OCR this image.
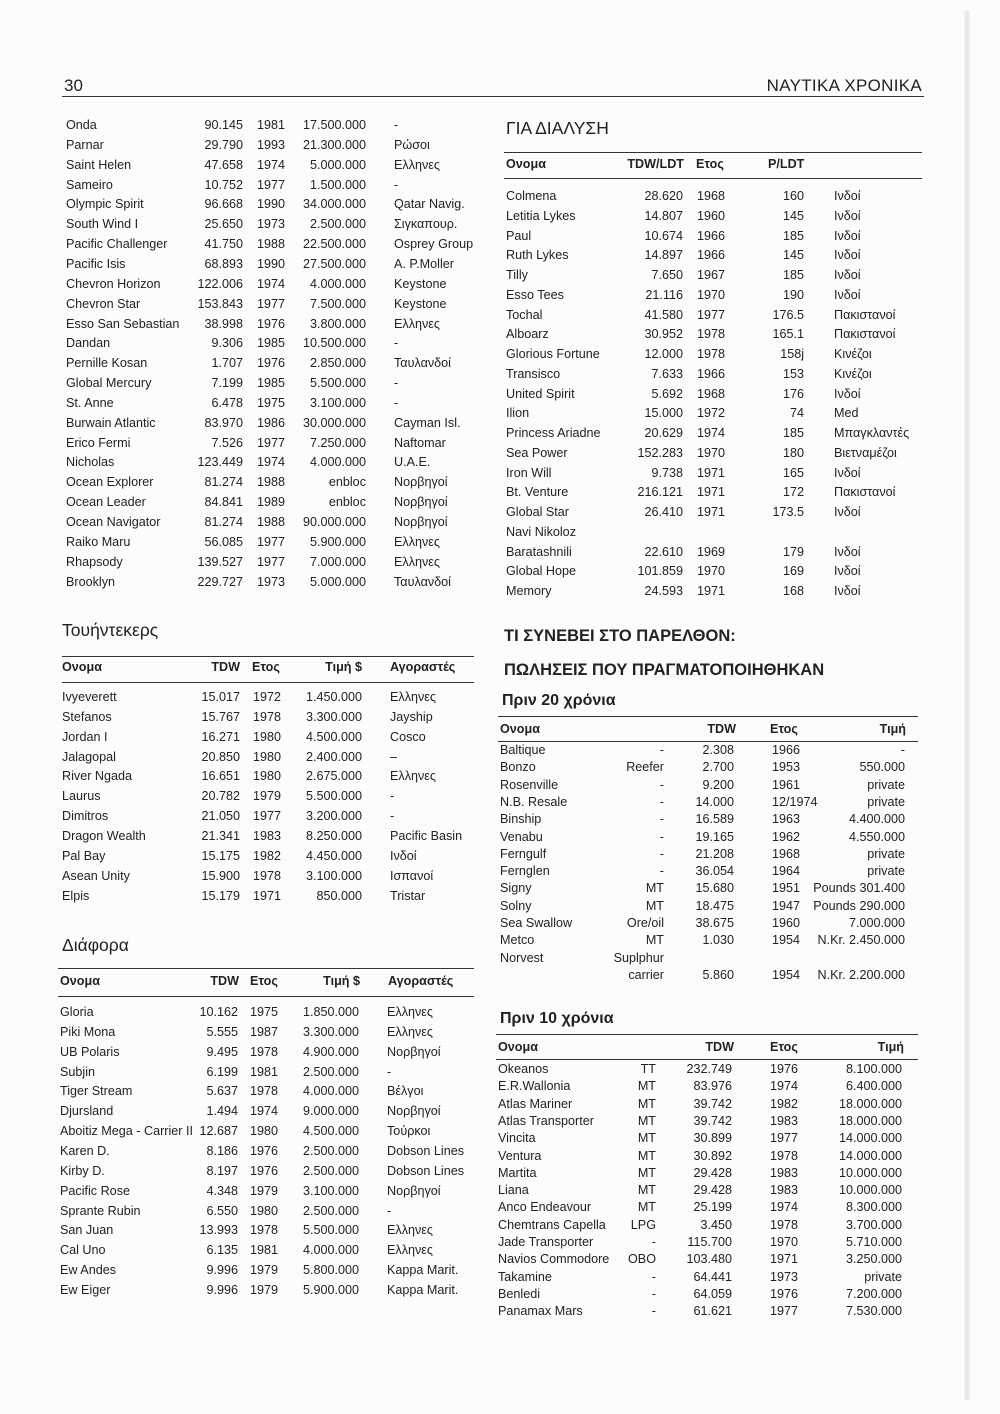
30	ΝΑΥΤΙΚΑ ΧΡΟΝΙΚΑ
Onda	90.145 1981	17.500.000 -
Parnar	29.790 1993	21.300.000 Ρώσοι
Saint Helen	47.658 1974	5.000.000 Ελληνες
Sameiro	10.752 1977	1.500.000 -
Olympic Spirit	96.668 1990	34.000.000 Qatar Navig.
South Wind I	25.650 1973	2.500.000 Σιγκαπουρ.
Pacific Challenger	41.750 1988	22.500.000 Osprey Group
Pacific Isis	68.893 1990	27.500.000 A. P.Moller
Chevron Horizon	122.006 1974	4.000.000 Keystone
Chevron Star	153.843 1977	7.500.000 Keystone
Esso San Sebastian	38.998 1976	3.800.000 Ελληνες
Dandan	9.306 1985	10.500.000 -
Pernille Kosan	1.707 1976	2.850.000 Ταυλανδοί
Global Mercury	7.199 1985	5.500.000 -
St. Anne	6.478 1975	3.100.000 -
Burwain Atlantic	83.970 1986	30.000.000 Cayman Isl.
Erico Fermi	7.526 1977	7.250.000 Naftomar
Nicholas	123.449 1974	4.000.000 U.A.E.
Ocean Explorer	81.274 1988	enbloc Νορβηγοί
Ocean Leader	84.841 1989	enbloc Νορβηγοί
Ocean Navigator	81.274 1988	90.000.000 Νορβηγοί
Raiko Maru	56.085 1977	5.900.000 Ελληνες
Rhapsody	139.527 1977	7.000.000 Ελληνες
Brooklyn	229.727 1973	5.000.000 Ταυλανδοί
Τουήντεκερς
Ονομα	TDW Ετος	Τιμή $ Αγοραστές
Ivyeverett	15.017 1972	1.450.000 Ελληνες
Stefanos	15.767 1978	3.300.000 Jayship
Jordan I	16.271 1980	4.500.000 Cosco
Jalagopal	20.850 1980	2.400.000 –
River Ngada	16.651 1980	2.675.000 Ελληνες
Laurus	20.782 1979	5.500.000 -
Dimitros	21.050 1977	3.200.000 -
Dragon Wealth	21.341 1983	8.250.000 Pacific Basin
Pal Bay	15.175 1982	4.450.000 Ινδοί
Asean Unity	15.900 1978	3.100.000 Ισπανοί
Elpis	15.179 1971	850.000 Tristar
Διάφορα
Ονομα	TDW Ετος	Τιμή $ Αγοραστές
Gloria	10.162 1975	1.850.000 Ελληνες
Piki Mona	5.555 1987	3.300.000 Ελληνες
UB Polaris	9.495 1978	4.900.000 Νορβηγοί
Subjin	6.199 1981	2.500.000 -
Tiger Stream	5.637 1978	4.000.000 Βέλγοι
Djursland	1.494 1974	9.000.000 Νορβηγοί
Aboitiz Mega - Carrier II 12.687 1980	4.500.000 Τούρκοι
Karen D.	8.186 1976	2.500.000 Dobson Lines
Kirby D.	8.197 1976	2.500.000 Dobson Lines
Pacific Rose	4.348 1979	3.100.000 Νορβηγοί
Sprante Rubin	6.550 1980	2.500.000 -
San Juan	13.993 1978	5.500.000 Ελληνες
Cal Uno	6.135 1981	4.000.000 Ελληνες
Ew Andes	9.996 1979	5.800.000 Kappa Marit.
Ew Eiger	9.996 1979	5.900.000 Kappa Marit.
ΓΙΑ ΔΙΑΛΥΣΗ
Ονομα	TDW/LDT Ετος	P/LDT
Colmena	28.620 1968	160 Ινδοί
Letitia Lykes	14.807 1960	145 Ινδοί
Paul	10.674 1966	185 Ινδοί
Ruth Lykes	14.897 1966	145 Ινδοί
Tilly	7.650 1967	185 Ινδοί
Esso Tees	21.116 1970	190 Ινδοί
Tochal	41.580 1977	176.5 Πακιστανοί
Alboarz	30.952 1978	165.1 Πακιστανοί
Glorious Fortune	12.000 1978	158j Κινέζοι
Transisco	7.633 1966	153 Κινέζοι
United Spirit	5.692 1968	176 Ινδοί
Ilion	15.000 1972	74 Med
Princess Ariadne	20.629 1974	185 Μπαγκλαντές
Sea Power	152.283 1970	180 Βιετναμέζοι
Iron Will	9.738 1971	165 Ινδοί
Bt. Venture	216.121 1971	172 Πακιστανοί
Global Star	26.410 1971	173.5 Ινδοί
Navi Nikoloz
Baratashnili	22.610 1969	179 Ινδοί
Global Hope	101.859 1970	169 Ινδοί
Memory	24.593 1971	168 Ινδοί
ΤΙ ΣΥΝΕΒΕΙ ΣΤΟ ΠΑΡΕΛΘΟΝ:
ΠΩΛΗΣΕΙΣ ΠΟΥ ΠΡΑΓΜΑΤΟΠΟΙΗΘΗΚΑΝ
Πριν 20 χρόνια
Ονομα	TDW	Ετος	Τιμή
Baltique	-	2.308	1966	-
Bonzo	Reefer	2.700	1953	550.000
Rosenville	-	9.200	1961	private
N.B. Resale	-	14.000	12/1974	private
Binship	-	16.589	1963	4.400.000
Venabu	-	19.165	1962	4.550.000
Ferngulf	-	21.208	1968	private
Fernglen	-	36.054	1964	private
Signy	MT	15.680	1951	Pounds 301.400
Solny	MT	18.475	1947	Pounds 290.000
Sea Swallow	Ore/oil	38.675	1960	7.000.000
Metco	MT	1.030	1954	N.Kr. 2.450.000
Norvest	Suplphur
carrier	5.860	1954	N.Kr. 2.200.000
Πριν 10 χρόνια
Ονομα	TDW	Ετος	Τιμή
Okeanos	TT	232.749	1976	8.100.000
E.R.Wallonia	MT	83.976	1974	6.400.000
Atlas Mariner	MT	39.742	1982	18.000.000
Atlas Transporter	MT	39.742	1983	18.000.000
Vincita	MT	30.899	1977	14.000.000
Ventura	MT	30.892	1978	14.000.000
Martita	MT	29.428	1983	10.000.000
Liana	MT	29.428	1983	10.000.000
Anco Endeavour	MT	25.199	1974	8.300.000
Chemtrans Capella	LPG	3.450	1978	3.700.000
Jade Transporter	-	115.700	1970	5.710.000
Navios Commodore	OBO	103.480	1971	3.250.000
Takamine	-	64.441	1973	private
Benledi	-	64.059	1976	7.200.000
Panamax Mars	-	61.621	1977	7.530.000
